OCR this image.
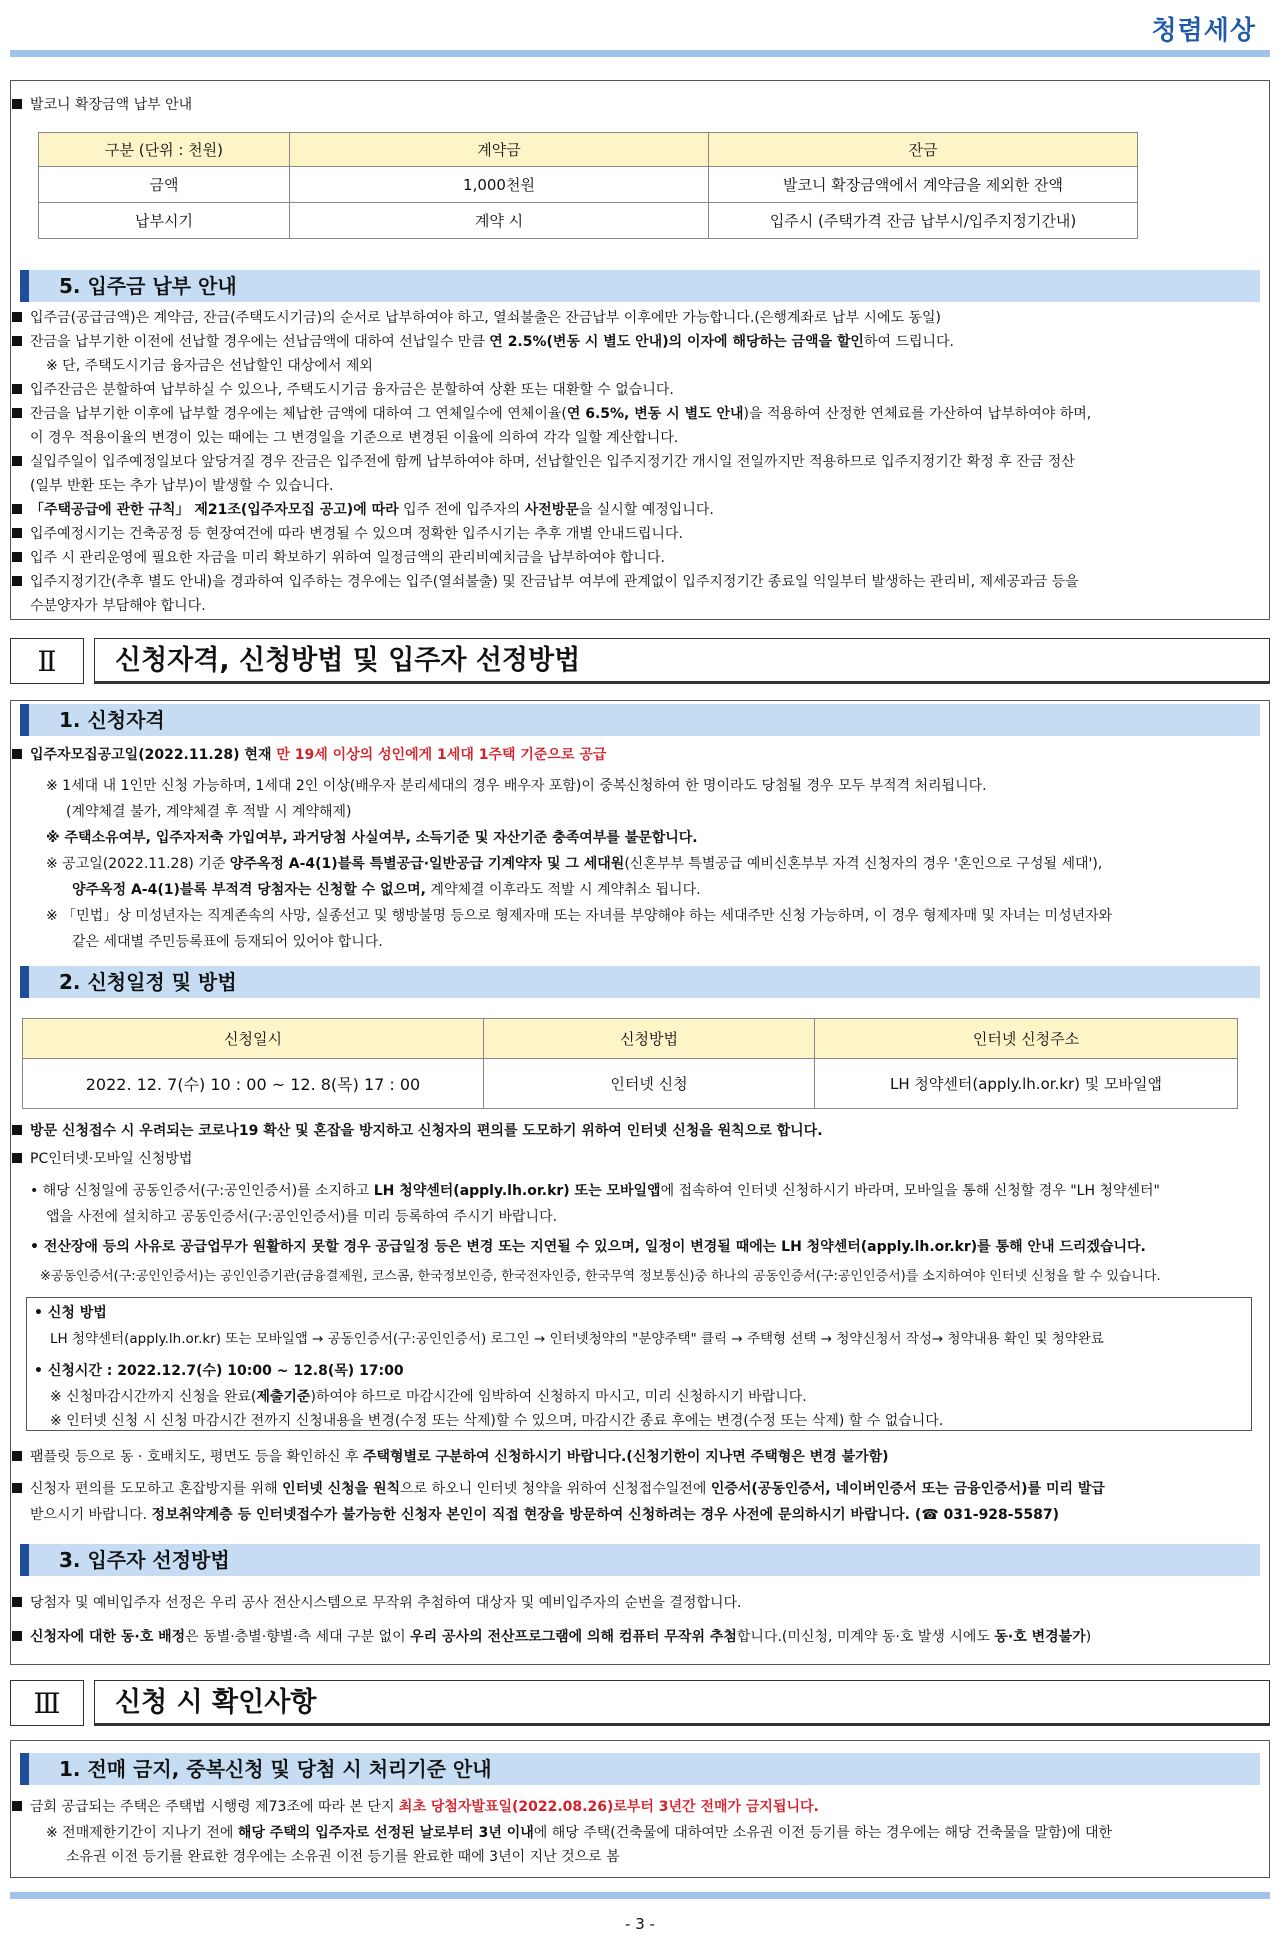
청렴세상
발코니 확장금액 납부 안내
구분 (단위 : 천원)	계약금	잔금
금액	1,000천원	발코니 확장금액에서 계약금을 제외한 잔액
납부시기	계약 시	입주시 (주택가격 잔금 납부시/입주지정기간내)
5. 입주금 납부 안내
입주금(공급금액)은 계약금, 잔금(주택도시기금)의 순서로 납부하여야 하고, 열쇠불출은 잔금납부 이후에만 가능합니다.(은행계좌로 납부 시에도 동일)
잔금을 납부기한 이전에 선납할 경우에는 선납금액에 대하여 선납일수 만큼 연 2.5%(변동 시 별도 안내)의 이자에 해당하는 금액을 할인하여 드립니다.
※ 단, 주택도시기금 융자금은 선납할인 대상에서 제외
입주잔금은 분할하여 납부하실 수 있으나, 주택도시기금 융자금은 분할하여 상환 또는 대환할 수 없습니다.
잔금을 납부기한 이후에 납부할 경우에는 체납한 금액에 대하여 그 연체일수에 연체이율(연 6.5%, 변동 시 별도 안내)을 적용하여 산정한 연체료를 가산하여 납부하여야 하며,
이 경우 적용이율의 변경이 있는 때에는 그 변경일을 기준으로 변경된 이율에 의하여 각각 일할 계산합니다.
실입주일이 입주예정일보다 앞당겨질 경우 잔금은 입주전에 함께 납부하여야 하며, 선납할인은 입주지정기간 개시일 전일까지만 적용하므로 입주지정기간 확정 후 잔금 정산
(일부 반환 또는 추가 납부)이 발생할 수 있습니다.
「주택공급에 관한 규칙」 제21조(입주자모집 공고)에 따라 입주 전에 입주자의 사전방문을 실시할 예정입니다.
입주예정시기는 건축공정 등 현장여건에 따라 변경될 수 있으며 정확한 입주시기는 추후 개별 안내드립니다.
입주 시 관리운영에 필요한 자금을 미리 확보하기 위하여 일정금액의 관리비예치금을 납부하여야 합니다.
입주지정기간(추후 별도 안내)을 경과하여 입주하는 경우에는 입주(열쇠불출) 및 잔금납부 여부에 관계없이 입주지정기간 종료일 익일부터 발생하는 관리비, 제세공과금 등을
수분양자가 부담해야 합니다.
Ⅱ	신청자격, 신청방법 및 입주자 선정방법
1. 신청자격
입주자모집공고일(2022.11.28) 현재 만 19세 이상의 성인에게 1세대 1주택 기준으로 공급
※ 1세대 내 1인만 신청 가능하며, 1세대 2인 이상(배우자 분리세대의 경우 배우자 포함)이 중복신청하여 한 명이라도 당첨될 경우 모두 부적격 처리됩니다.
(계약체결 불가, 계약체결 후 적발 시 계약해제)
※ 주택소유여부, 입주자저축 가입여부, 과거당첨 사실여부, 소득기준 및 자산기준 충족여부를 불문합니다.
※ 공고일(2022.11.28) 기준 양주옥정 A-4(1)블록 특별공급·일반공급 기계약자 및 그 세대원(신혼부부 특별공급 예비신혼부부 자격 신청자의 경우 '혼인으로 구성될 세대'),
양주옥정 A-4(1)블록 부적격 당첨자는 신청할 수 없으며, 계약체결 이후라도 적발 시 계약취소 됩니다.
※ 「민법」상 미성년자는 직계존속의 사망, 실종선고 및 행방불명 등으로 형제자매 또는 자녀를 부양해야 하는 세대주만 신청 가능하며, 이 경우 형제자매 및 자녀는 미성년자와
같은 세대별 주민등록표에 등재되어 있어야 합니다.
2. 신청일정 및 방법
신청일시	신청방법	인터넷 신청주소
2022. 12. 7(수) 10 : 00 ~ 12. 8(목) 17 : 00	인터넷 신청	LH 청약센터(apply.lh.or.kr) 및 모바일앱
방문 신청접수 시 우려되는 코로나19 확산 및 혼잡을 방지하고 신청자의 편의를 도모하기 위하여 인터넷 신청을 원칙으로 합니다.
PC인터넷·모바일 신청방법
• 해당 신청일에 공동인증서(구:공인인증서)를 소지하고 LH 청약센터(apply.lh.or.kr) 또는 모바일앱에 접속하여 인터넷 신청하시기 바라며, 모바일을 통해 신청할 경우 "LH 청약센터"
앱을 사전에 설치하고 공동인증서(구:공인인증서)를 미리 등록하여 주시기 바랍니다.
• 전산장애 등의 사유로 공급업무가 원활하지 못할 경우 공급일정 등은 변경 또는 지연될 수 있으며, 일정이 변경될 때에는 LH 청약센터(apply.lh.or.kr)를 통해 안내 드리겠습니다.
※공동인증서(구:공인인증서)는 공인인증기관(금융결제원, 코스콤, 한국정보인증, 한국전자인증, 한국무역 정보통신)중 하나의 공동인증서(구:공인인증서)를 소지하여야 인터넷 신청을 할 수 있습니다.
• 신청 방법
LH 청약센터(apply.lh.or.kr) 또는 모바일앱 → 공동인증서(구:공인인증서) 로그인 → 인터넷청약의 "분양주택" 클릭 → 주택형 선택 → 청약신청서 작성→ 청약내용 확인 및 청약완료
• 신청시간 : 2022.12.7(수) 10:00 ~ 12.8(목) 17:00
※ 신청마감시간까지 신청을 완료(제출기준)하여야 하므로 마감시간에 임박하여 신청하지 마시고, 미리 신청하시기 바랍니다.
※ 인터넷 신청 시 신청 마감시간 전까지 신청내용을 변경(수정 또는 삭제)할 수 있으며, 마감시간 종료 후에는 변경(수정 또는 삭제) 할 수 없습니다.
팸플릿 등으로 동 · 호배치도, 평면도 등을 확인하신 후 주택형별로 구분하여 신청하시기 바랍니다.(신청기한이 지나면 주택형은 변경 불가함)
신청자 편의를 도모하고 혼잡방지를 위해 인터넷 신청을 원칙으로 하오니 인터넷 청약을 위하여 신청접수일전에 인증서(공동인증서, 네이버인증서 또는 금융인증서)를 미리 발급
받으시기 바랍니다. 정보취약계층 등 인터넷접수가 불가능한 신청자 본인이 직접 현장을 방문하여 신청하려는 경우 사전에 문의하시기 바랍니다. (☎ 031-928-5587)
3. 입주자 선정방법
당첨자 및 예비입주자 선정은 우리 공사 전산시스템으로 무작위 추첨하여 대상자 및 예비입주자의 순번을 결정합니다.
신청자에 대한 동·호 배정은 동별·층별·향별·측 세대 구분 없이 우리 공사의 전산프로그램에 의해 컴퓨터 무작위 추첨합니다.(미신청, 미계약 동·호 발생 시에도 동·호 변경불가)
Ⅲ	신청 시 확인사항
1. 전매 금지, 중복신청 및 당첨 시 처리기준 안내
금회 공급되는 주택은 주택법 시행령 제73조에 따라 본 단지 최초 당첨자발표일(2022.08.26)로부터 3년간 전매가 금지됩니다.
※ 전매제한기간이 지나기 전에 해당 주택의 입주자로 선정된 날로부터 3년 이내에 해당 주택(건축물에 대하여만 소유권 이전 등기를 하는 경우에는 해당 건축물을 말함)에 대한
소유권 이전 등기를 완료한 경우에는 소유권 이전 등기를 완료한 때에 3년이 지난 것으로 봄
- 3 -
